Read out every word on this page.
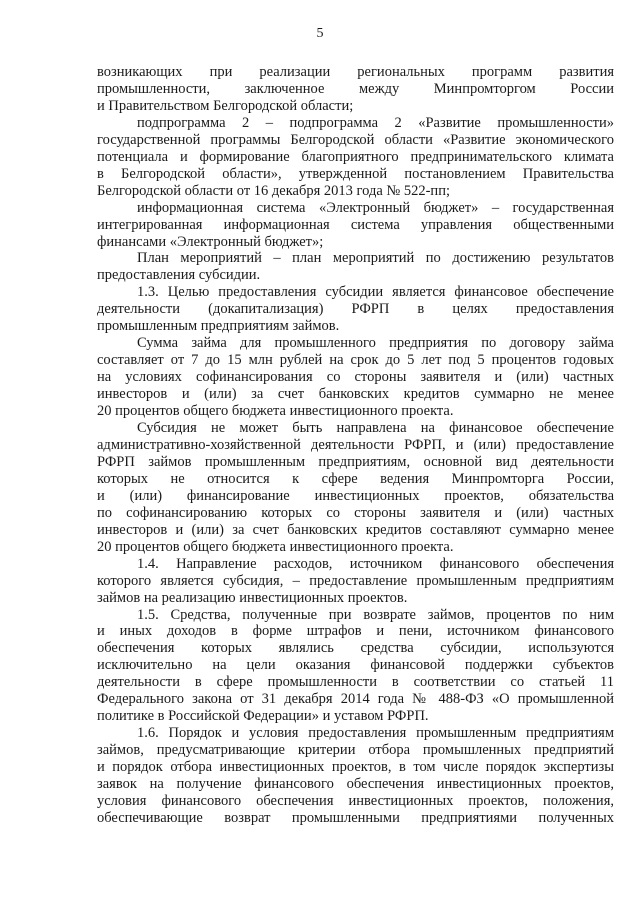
5

возникающих при реализации региональных программ развития

промышленности, заключенное между Минпромторгом России

и Правительством Белгородской области;

подпрограмма 2 – подпрограмма 2 «Развитие промышленности»

государственной программы Белгородской области «Развитие экономического

потенциала и формирование благоприятного предпринимательского климата

в Белгородской области», утвержденной постановлением Правительства

Белгородской области от 16 декабря 2013 года № 522-пп;

информационная система «Электронный бюджет» – государственная

интегрированная информационная система управления общественными

финансами «Электронный бюджет»;

План мероприятий – план мероприятий по достижению результатов

предоставления субсидии.

1.3. Целью предоставления субсидии является финансовое обеспечение

деятельности (докапитализация) РФРП в целях предоставления

промышленным предприятиям займов.

Сумма займа для промышленного предприятия по договору займа

составляет от 7 до 15 млн рублей на срок до 5 лет под 5 процентов годовых

на условиях софинансирования со стороны заявителя и (или) частных

инвесторов и (или) за счет банковских кредитов суммарно не менее

20 процентов общего бюджета инвестиционного проекта.

Субсидия не может быть направлена на финансовое обеспечение

административно-хозяйственной деятельности РФРП, и (или) предоставление

РФРП займов промышленным предприятиям, основной вид деятельности

которых не относится к сфере ведения Минпромторга России,

и (или) финансирование инвестиционных проектов, обязательства

по софинансированию которых со стороны заявителя и (или) частных

инвесторов и (или) за счет банковских кредитов составляют суммарно менее

20 процентов общего бюджета инвестиционного проекта.

1.4. Направление расходов, источником финансового обеспечения

которого является субсидия, – предоставление промышленным предприятиям

займов на реализацию инвестиционных проектов.

1.5. Средства, полученные при возврате займов, процентов по ним

и иных доходов в форме штрафов и пени, источником финансового

обеспечения которых являлись средства субсидии, используются

исключительно на цели оказания финансовой поддержки субъектов

деятельности в сфере промышленности в соответствии со статьей 11

Федерального закона от 31 декабря 2014 года № 488-ФЗ «О промышленной

политике в Российской Федерации» и уставом РФРП.

1.6. Порядок и условия предоставления промышленным предприятиям

займов, предусматривающие критерии отбора промышленных предприятий

и порядок отбора инвестиционных проектов, в том числе порядок экспертизы

заявок на получение финансового обеспечения инвестиционных проектов,

условия финансового обеспечения инвестиционных проектов, положения,

обеспечивающие возврат промышленными предприятиями полученных
